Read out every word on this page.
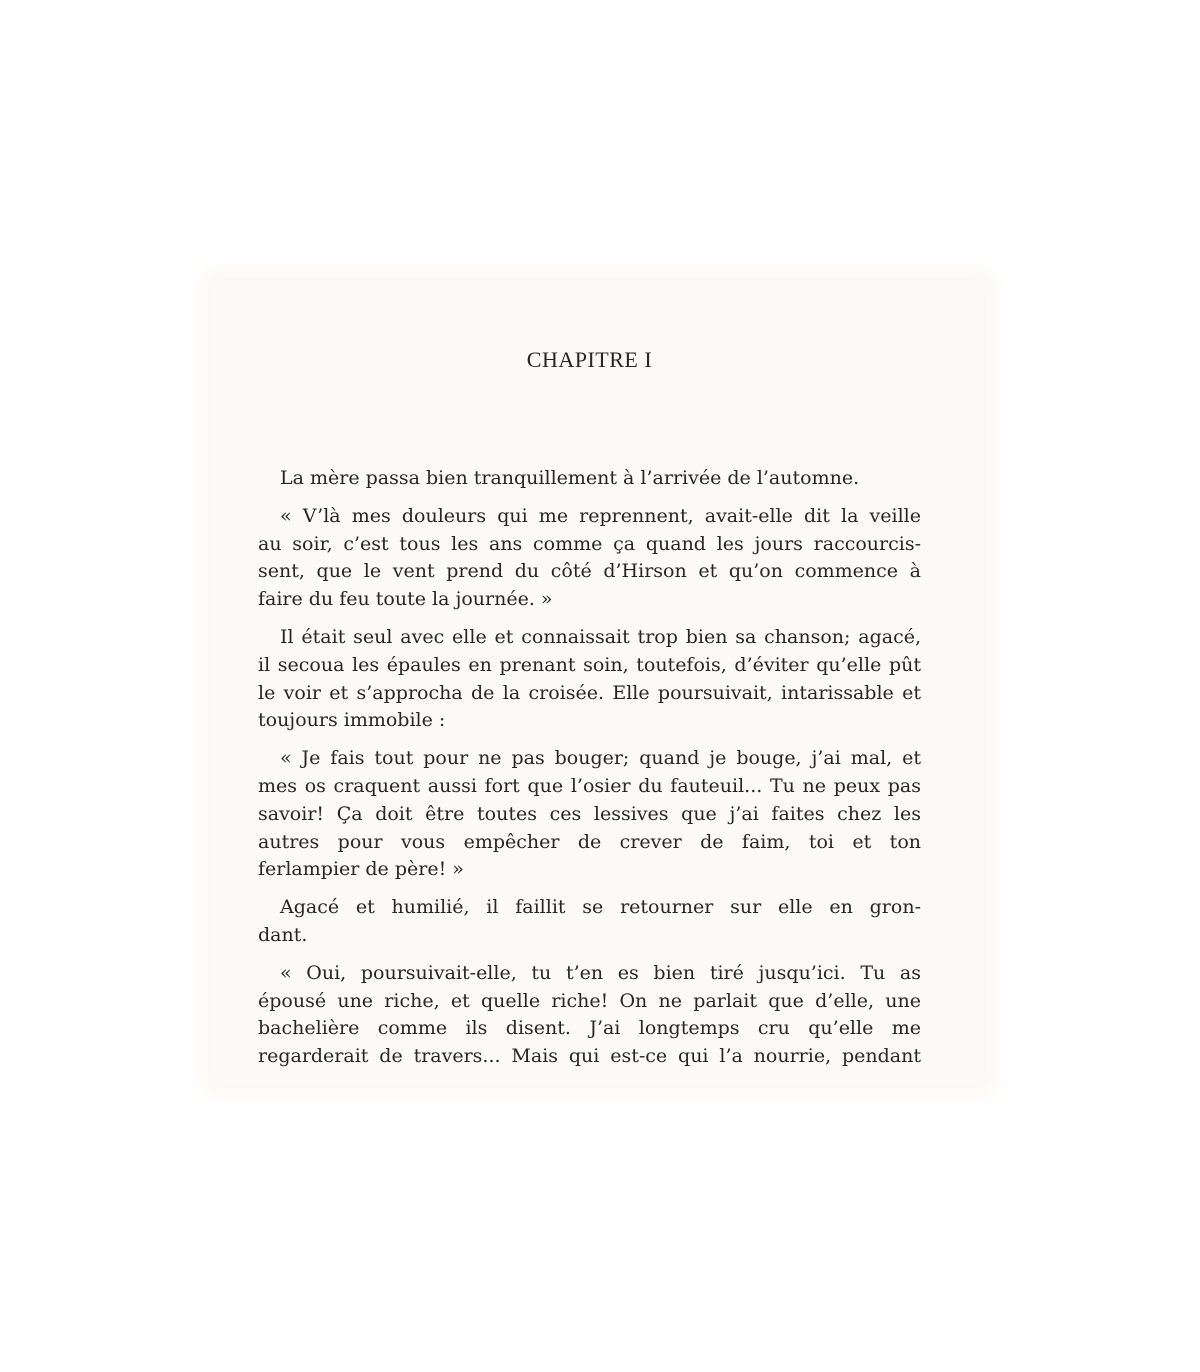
CHAPITRE I

La mère passa bien tranquillement à l’arrivée de l’automne.

« V’là mes douleurs qui me reprennent, avait-elle dit la veille
au soir, c’est tous les ans comme ça quand les jours raccourcis-
sent, que le vent prend du côté d’Hirson et qu’on commence à
faire du feu toute la journée. »

Il était seul avec elle et connaissait trop bien sa chanson; agacé,
il secoua les épaules en prenant soin, toutefois, d’éviter qu’elle pût
le voir et s’approcha de la croisée. Elle poursuivait, intarissable et
toujours immobile :

« Je fais tout pour ne pas bouger; quand je bouge, j’ai mal, et
mes os craquent aussi fort que l’osier du fauteuil... Tu ne peux pas
savoir! Ça doit être toutes ces lessives que j’ai faites chez les
autres pour vous empêcher de crever de faim, toi et ton
ferlampier de père! »

Agacé et humilié, il faillit se retourner sur elle en gron-
dant.

« Oui, poursuivait-elle, tu t’en es bien tiré jusqu’ici. Tu as
épousé une riche, et quelle riche! On ne parlait que d’elle, une
bachelière comme ils disent. J’ai longtemps cru qu’elle me
regarderait de travers... Mais qui est-ce qui l’a nourrie, pendant
